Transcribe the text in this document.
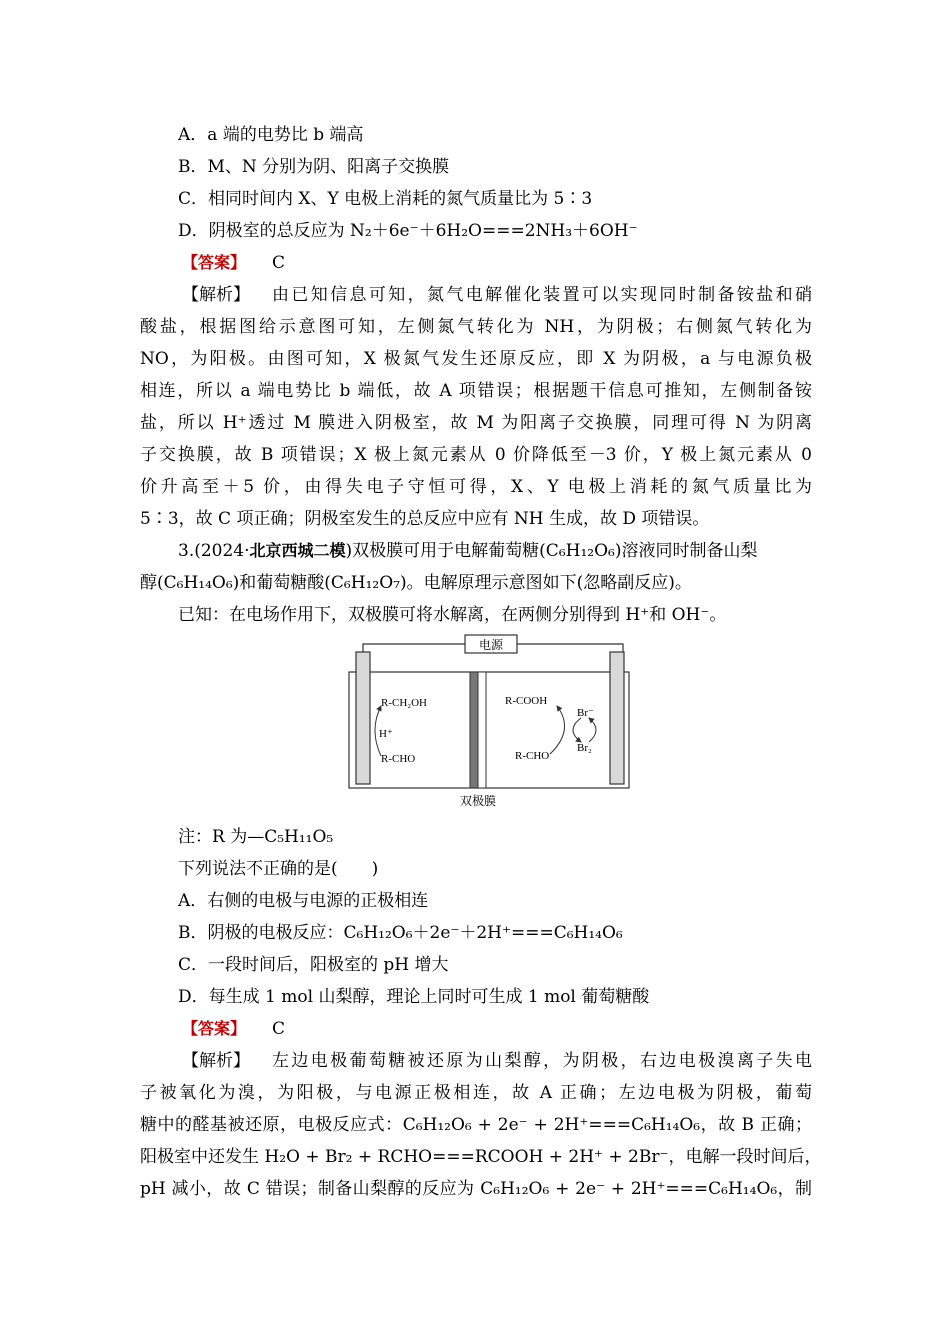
A．a 端的电势比 b 端高
B．M、N 分别为阴、阳离子交换膜
C．相同时间内 X、Y 电极上消耗的氮气质量比为 5∶3
D．阴极室的总反应为 N₂＋6e⁻＋6H₂O===2NH₃＋6OH⁻
【答案】 C
【解析】 由已知信息可知，氮气电解催化装置可以实现同时制备铵盐和硝
酸盐，根据图给示意图可知，左侧氮气转化为 NH，为阴极；右侧氮气转化为
NO，为阳极。由图可知，X 极氮气发生还原反应，即 X 为阴极，a 与电源负极
相连，所以 a 端电势比 b 端低，故 A 项错误；根据题干信息可推知，左侧制备铵
盐，所以 H⁺透过 M 膜进入阴极室，故 M 为阳离子交换膜，同理可得 N 为阴离
子交换膜，故 B 项错误；X 极上氮元素从 0 价降低至－3 价，Y 极上氮元素从 0
价升高至＋5 价，由得失电子守恒可得，X、Y 电极上消耗的氮气质量比为
5∶3，故 C 项正确；阴极室发生的总反应中应有 NH 生成，故 D 项错误。
3.(2024·北京西城二模)双极膜可用于电解葡萄糖(C₆H₁₂O₆)溶液同时制备山梨
醇(C₆H₁₄O₆)和葡萄糖酸(C₆H₁₂O₇)。电解原理示意图如下(忽略副反应)。
已知：在电场作用下，双极膜可将水解离，在两侧分别得到 H⁺和 OH⁻。
电源
R-CH₂OH
H⁺
R-CHO
R-COOH
R-CHO
Br⁻
Br₂
双极膜
注：R 为—C₅H₁₁O₅
下列说法不正确的是(　　)
A．右侧的电极与电源的正极相连
B．阴极的电极反应：C₆H₁₂O₆＋2e⁻＋2H⁺===C₆H₁₄O₆
C．一段时间后，阳极室的 pH 增大
D．每生成 1 mol 山梨醇，理论上同时可生成 1 mol 葡萄糖酸
【答案】 C
【解析】 左边电极葡萄糖被还原为山梨醇，为阴极，右边电极溴离子失电
子被氧化为溴，为阳极，与电源正极相连，故 A 正确；左边电极为阴极，葡萄
糖中的醛基被还原，电极反应式：C₆H₁₂O₆ + 2e⁻ + 2H⁺===C₆H₁₄O₆，故 B 正确；
阳极室中还发生 H₂O + Br₂ + RCHO===RCOOH + 2H⁺ + 2Br⁻，电解一段时间后，
pH 减小，故 C 错误；制备山梨醇的反应为 C₆H₁₂O₆ + 2e⁻ + 2H⁺===C₆H₁₄O₆，制
